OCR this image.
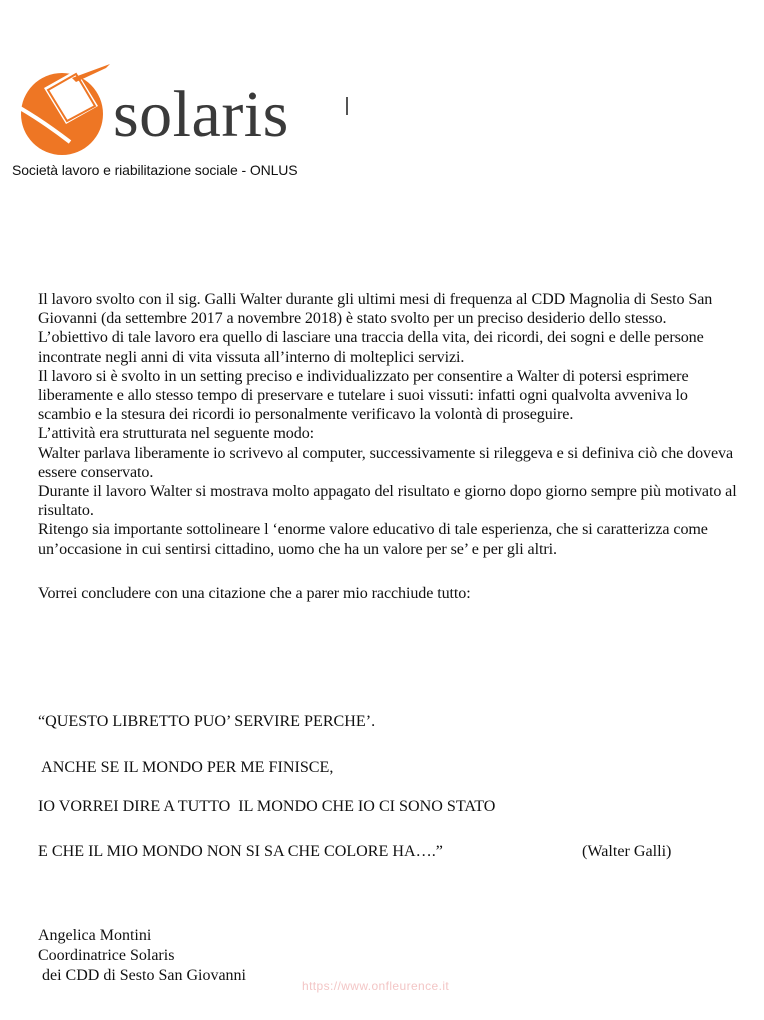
solaris
Società lavoro e riabilitazione sociale - ONLUS

Il lavoro svolto con il sig. Galli Walter durante gli ultimi mesi di frequenza al CDD Magnolia di Sesto San Giovanni (da settembre 2017 a novembre 2018) è stato svolto per un preciso desiderio dello stesso.

L’obiettivo di tale lavoro era quello di lasciare una traccia della vita, dei ricordi, dei sogni e delle persone incontrate negli anni di vita vissuta all’interno di molteplici servizi.

Il lavoro si è svolto in un setting preciso e individualizzato per consentire a Walter di potersi esprimere liberamente e allo stesso tempo di preservare e tutelare i suoi vissuti: infatti ogni qualvolta avveniva lo scambio e la stesura dei ricordi io personalmente verificavo la volontà di proseguire.

L’attività era strutturata nel seguente modo:

Walter parlava liberamente io scrivevo al computer, successivamente si rileggeva e si definiva ciò che doveva essere conservato.

Durante il lavoro Walter si mostrava molto appagato del risultato e giorno dopo giorno sempre più motivato al risultato.

Ritengo sia importante sottolineare l ‘enorme valore educativo di tale esperienza, che si caratterizza come un’occasione in cui sentirsi cittadino, uomo che ha un valore per se’ e per gli altri.

Vorrei concludere con una citazione che a parer mio racchiude tutto:

“QUESTO LIBRETTO PUO’ SERVIRE PERCHE’.
ANCHE SE IL MONDO PER ME FINISCE,
IO VORREI DIRE A TUTTO  IL MONDO CHE IO CI SONO STATO
E CHE IL MIO MONDO NON SI SA CHE COLORE HA….”	(Walter Galli)
Angelica Montini
Coordinatrice Solaris
dei CDD di Sesto San Giovanni
https://www.onfleurence.it
